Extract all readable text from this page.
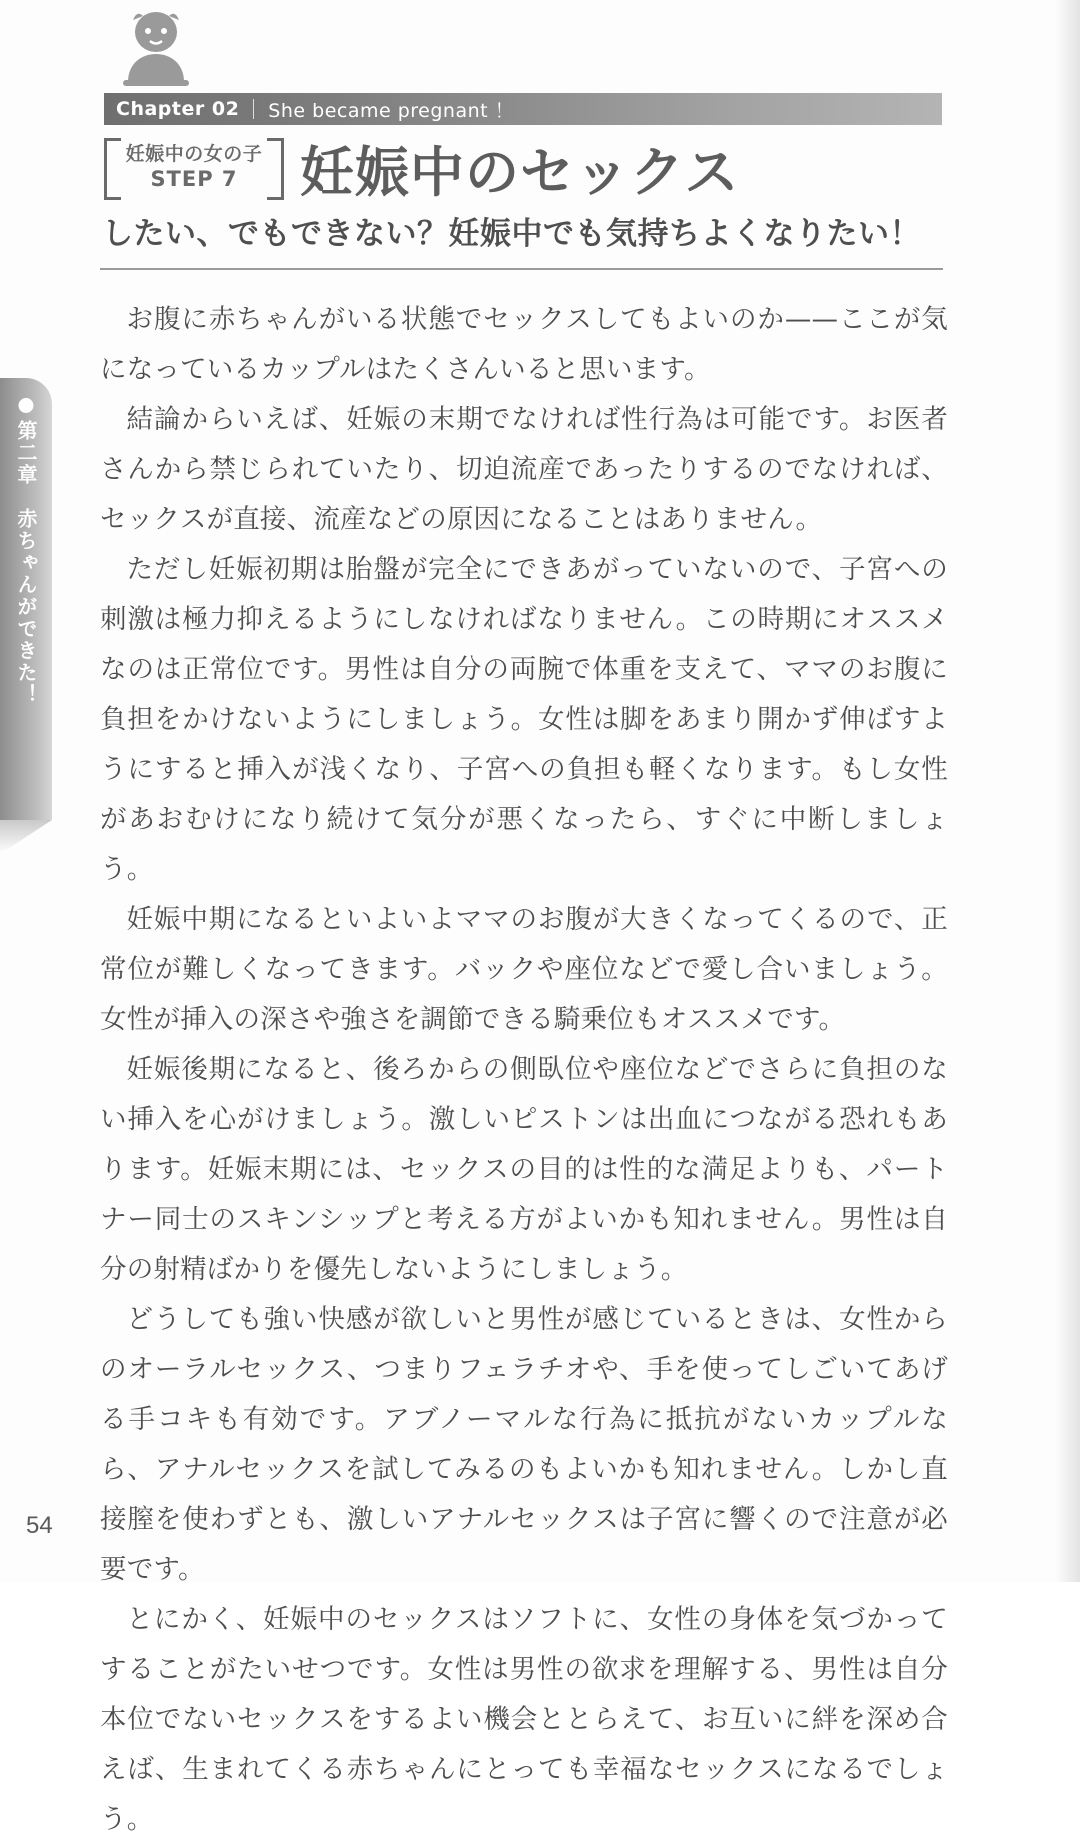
第二章　赤ちゃんができた！
Chapter 02 She became pregnant ！
妊娠中の女の子
STEP 7	妊娠中のセックス
したい、でもできない？妊娠中でも気持ちよくなりたい！

お腹に赤ちゃんがいる状態でセックスしてもよいのか——ここが気になっているカップルはたくさんいると思います。

結論からいえば、妊娠の末期でなければ性行為は可能です。お医者さんから禁じられていたり、切迫流産であったりするのでなければ、セックスが直接、流産などの原因になることはありません。

ただし妊娠初期は胎盤が完全にできあがっていないので、子宮への刺激は極力抑えるようにしなければなりません。この時期にオススメなのは正常位です。男性は自分の両腕で体重を支えて、ママのお腹に負担をかけないようにしましょう。女性は脚をあまり開かず伸ばすようにすると挿入が浅くなり、子宮への負担も軽くなります。もし女性があおむけになり続けて気分が悪くなったら、すぐに中断しましょう。

妊娠中期になるといよいよママのお腹が大きくなってくるので、正常位が難しくなってきます。バックや座位などで愛し合いましょう。女性が挿入の深さや強さを調節できる騎乗位もオススメです。

妊娠後期になると、後ろからの側臥位や座位などでさらに負担のない挿入を心がけましょう。激しいピストンは出血につながる恐れもあります。妊娠末期には、セックスの目的は性的な満足よりも、パートナー同士のスキンシップと考える方がよいかも知れません。男性は自分の射精ばかりを優先しないようにしましょう。

どうしても強い快感が欲しいと男性が感じているときは、女性からのオーラルセックス、つまりフェラチオや、手を使ってしごいてあげる手コキも有効です。アブノーマルな行為に抵抗がないカップルなら、アナルセックスを試してみるのもよいかも知れません。しかし直接膣を使わずとも、激しいアナルセックスは子宮に響くので注意が必要です。

とにかく、妊娠中のセックスはソフトに、女性の身体を気づかってすることがたいせつです。女性は男性の欲求を理解する、男性は自分本位でないセックスをするよい機会ととらえて、お互いに絆を深め合えば、生まれてくる赤ちゃんにとっても幸福なセックスになるでしょう。

54
